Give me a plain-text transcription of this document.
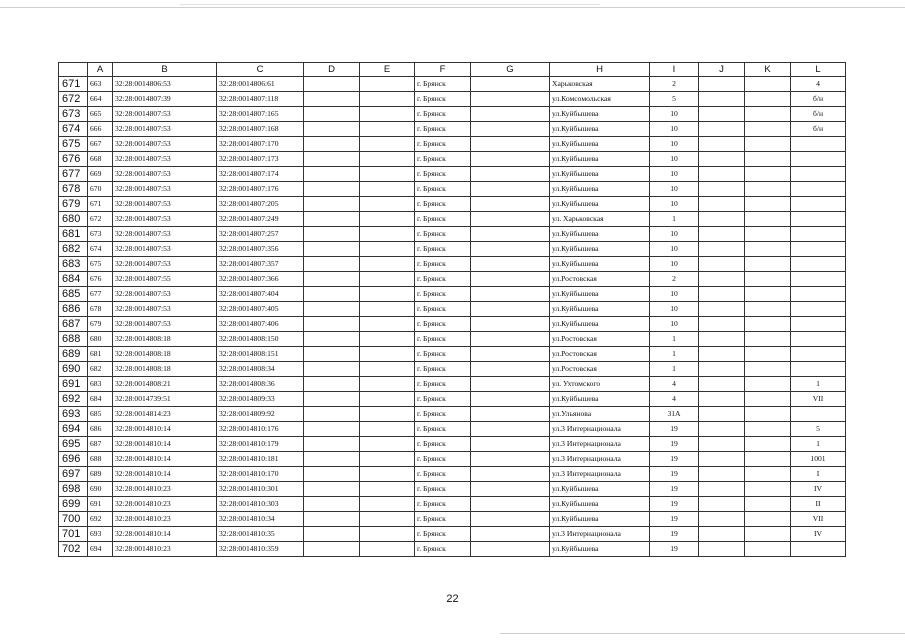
	A	B	C	D	E	F	G	H	I	J	K	L
671	663	32:28:0014806:53	32:28:0014806:61			г. Брянск		Харьковская	2			4
672	664	32:28:0014807:39	32:28:0014807:118			г. Брянск		ул.Комсомольская	5			б/н
673	665	32:28:0014807:53	32:28:0014807:165			г. Брянск		ул.Куйбышева	10			б/н
674	666	32:28:0014807:53	32:28:0014807:168			г. Брянск		ул.Куйбышева	10			б/н
675	667	32:28:0014807:53	32:28:0014807:170			г. Брянск		ул.Куйбышева	10			
676	668	32:28:0014807:53	32:28:0014807:173			г. Брянск		ул.Куйбышева	10			
677	669	32:28:0014807:53	32:28:0014807:174			г. Брянск		ул.Куйбышева	10			
678	670	32:28:0014807:53	32:28:0014807:176			г. Брянск		ул.Куйбышева	10			
679	671	32:28:0014807:53	32:28:0014807:205			г. Брянск		ул.Куйбышева	10			
680	672	32:28:0014807:53	32:28:0014807:249			г. Брянск		ул. Харьковская	1			
681	673	32:28:0014807:53	32:28:0014807:257			г. Брянск		ул.Куйбышева	10			
682	674	32:28:0014807:53	32:28:0014807:356			г. Брянск		ул.Куйбышева	10			
683	675	32:28:0014807:53	32:28:0014807:357			г. Брянск		ул.Куйбышева	10			
684	676	32:28:0014807:55	32:28:0014807:366			г. Брянск		ул.Ростовская	2			
685	677	32:28:0014807:53	32:28:0014807:404			г. Брянск		ул.Куйбышева	10			
686	678	32:28:0014807:53	32:28:0014807:405			г. Брянск		ул.Куйбышева	10			
687	679	32:28:0014807:53	32:28:0014807:406			г. Брянск		ул.Куйбышева	10			
688	680	32:28:0014808:18	32:28:0014808:150			г. Брянск		ул.Ростовская	1			
689	681	32:28:0014808:18	32:28:0014808:151			г. Брянск		ул.Ростовская	1			
690	682	32:28:0014808:18	32:28:0014808:34			г. Брянск		ул.Ростовская	1			
691	683	32:28:0014808:21	32:28:0014808:36			г. Брянск		ул. Ухтомского	4			1
692	684	32:28:0014739:51	32:28:0014809:33			г. Брянск		ул.Куйбышева	4			VII
693	685	32:28:0014814:23	32:28:0014809:92			г. Брянск		ул.Ульянова	31А			
694	686	32:28:0014810:14	32:28:0014810:176			г. Брянск		ул.3 Интернационала	19			5
695	687	32:28:0014810:14	32:28:0014810:179			г. Брянск		ул.3 Интернационала	19			1
696	688	32:28:0014810:14	32:28:0014810:181			г. Брянск		ул.3 Интернационала	19			1001
697	689	32:28:0014810:14	32:28:0014810:170			г. Брянск		ул.3 Интернационала	19			I
698	690	32:28:0014810:23	32:28:0014810:301			г. Брянск		ул.Куйбышева	19			IV
699	691	32:28:0014810:23	32:28:0014810:303			г. Брянск		ул.Куйбышева	19			II
700	692	32:28:0014810:23	32:28:0014810:34			г. Брянск		ул.Куйбышева	19			VII
701	693	32:28:0014810:14	32:28:0014810:35			г. Брянск		ул.3 Интернационала	19			IV
702	694	32:28:0014810:23	32:28:0014810:359			г. Брянск		ул.Куйбышева	19			
22
